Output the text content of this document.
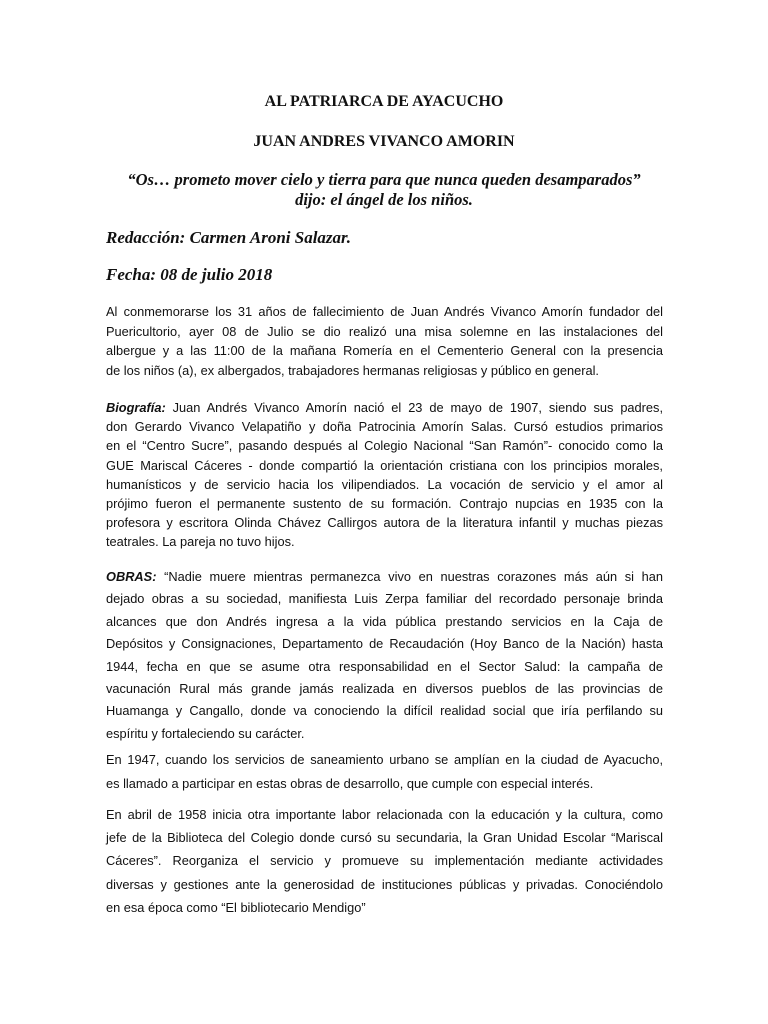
AL PATRIARCA DE AYACUCHO
JUAN ANDRES VIVANCO AMORIN

“Os… prometo mover cielo y tierra para que nunca queden desamparados”
dijo: el ángel de los niños.

Redacción: Carmen Aroni Salazar.

Fecha: 08 de julio 2018

Al conmemorarse los 31 años de fallecimiento de Juan Andrés Vivanco Amorín fundador del
Puericultorio, ayer 08 de Julio se dio realizó una misa solemne en las instalaciones del
albergue y a las 11:00 de la mañana Romería en el Cementerio General con la presencia
de los niños (a), ex albergados, trabajadores hermanas religiosas y público en general.
Biografía: Juan Andrés Vivanco Amorín nació el 23 de mayo de 1907, siendo sus padres,
don Gerardo Vivanco Velapatiño y doña Patrocinia Amorín Salas. Cursó estudios primarios
en el “Centro Sucre”, pasando después al Colegio Nacional “San Ramón”- conocido como la
GUE Mariscal Cáceres - donde compartió la orientación cristiana con los principios morales,
humanísticos y de servicio hacia los vilipendiados. La vocación de servicio y el amor al
prójimo fueron el permanente sustento de su formación. Contrajo nupcias en 1935 con la
profesora y escritora Olinda Chávez Callirgos autora de la literatura infantil y muchas piezas
teatrales. La pareja no tuvo hijos.
OBRAS: “Nadie muere mientras permanezca vivo en nuestras corazones más aún si han
dejado obras a su sociedad, manifiesta Luis Zerpa familiar del recordado personaje brinda
alcances que don Andrés ingresa a la vida pública prestando servicios en la Caja de
Depósitos y Consignaciones, Departamento de Recaudación (Hoy Banco de la Nación) hasta
1944, fecha en que se asume otra responsabilidad en el Sector Salud: la campaña de
vacunación Rural más grande jamás realizada en diversos pueblos de las provincias de
Huamanga y Cangallo, donde va conociendo la difícil realidad social que iría perfilando su
espíritu y fortaleciendo su carácter.
En 1947, cuando los servicios de saneamiento urbano se amplían en la ciudad de Ayacucho,
es llamado a participar en estas obras de desarrollo, que cumple con especial interés.
En abril de 1958 inicia otra importante labor relacionada con la educación y la cultura, como
jefe de la Biblioteca del Colegio donde cursó su secundaria, la Gran Unidad Escolar “Mariscal
Cáceres”. Reorganiza el servicio y promueve su implementación mediante actividades
diversas y gestiones ante la generosidad de instituciones públicas y privadas. Conociéndolo
en esa época como “El bibliotecario Mendigo”
